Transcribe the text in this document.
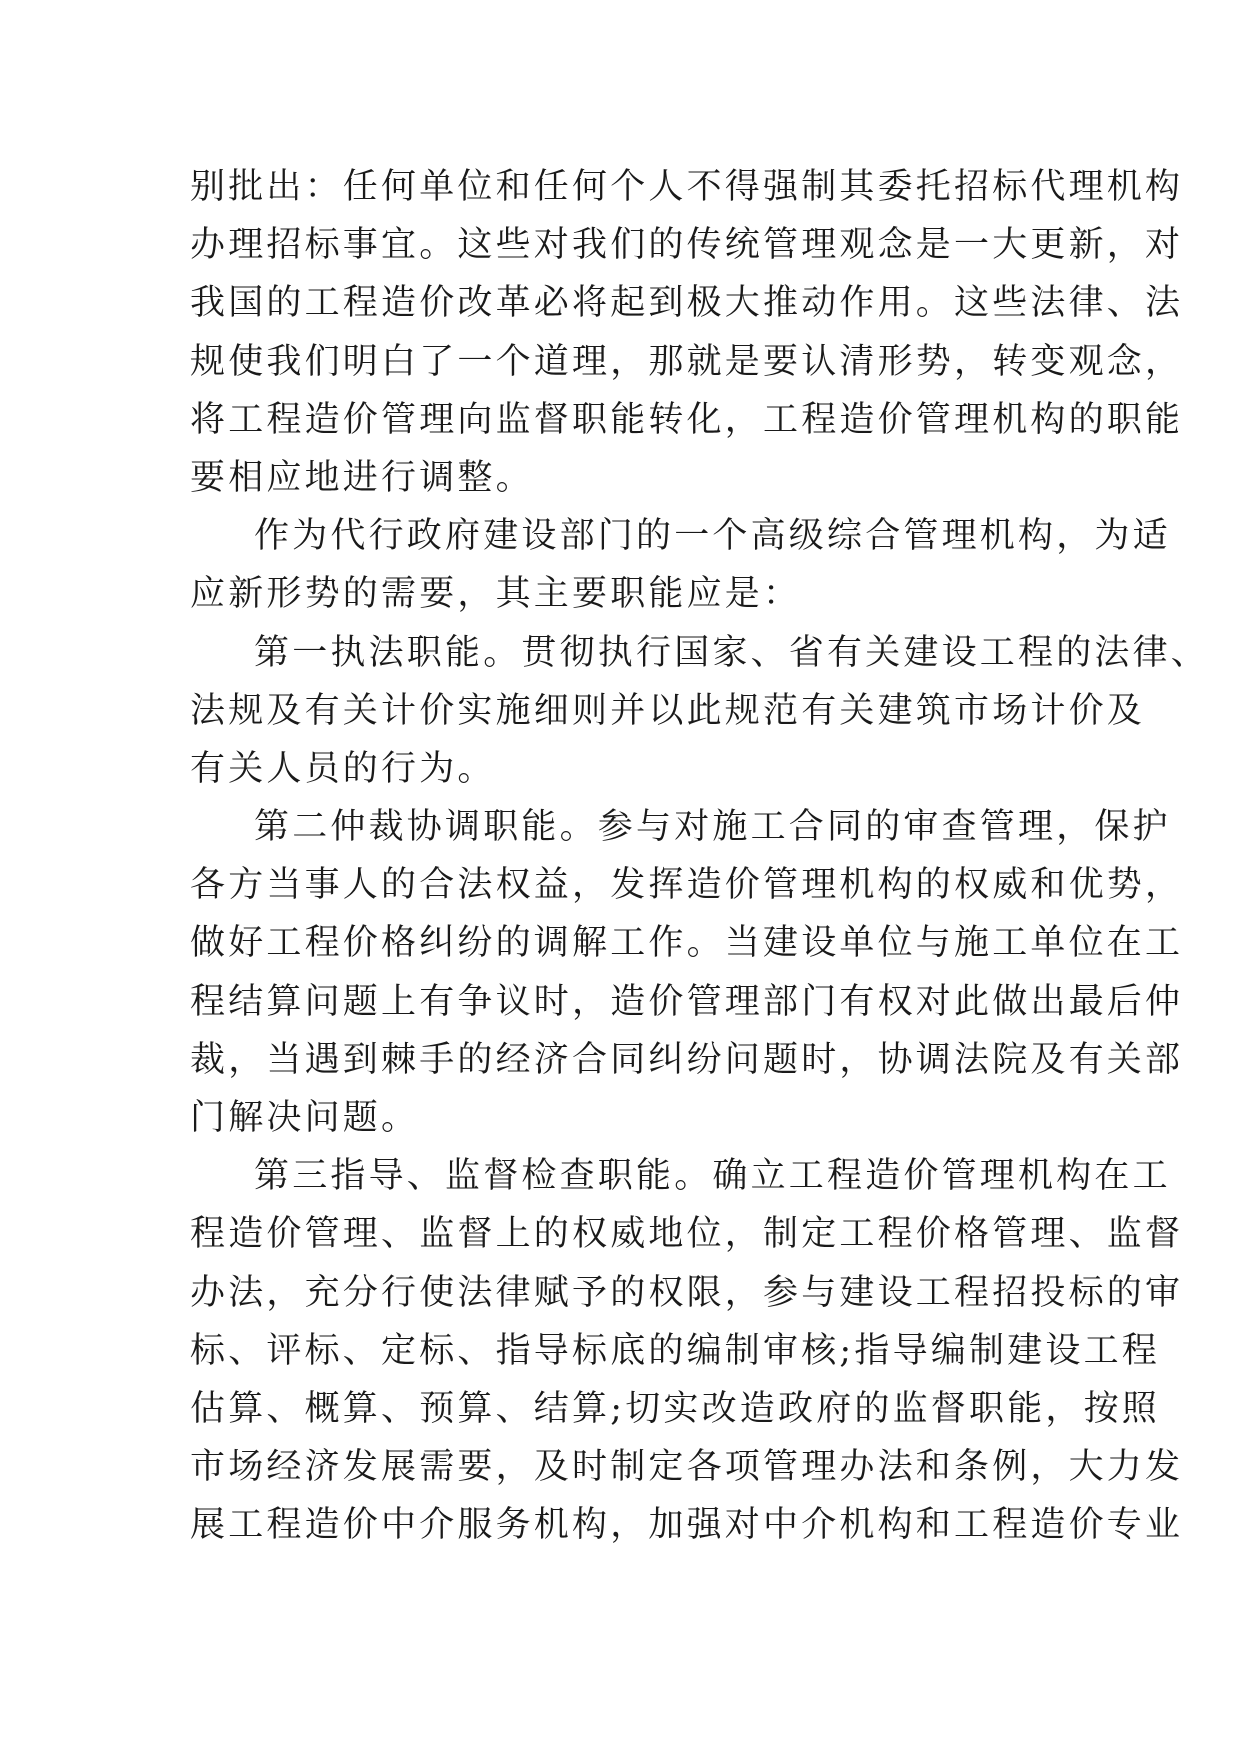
别批出：任何单位和任何个人不得强制其委托招标代理机构
办理招标事宜。这些对我们的传统管理观念是一大更新，对
我国的工程造价改革必将起到极大推动作用。这些法律、法
规使我们明白了一个道理，那就是要认清形势，转变观念，
将工程造价管理向监督职能转化，工程造价管理机构的职能
要相应地进行调整。
作为代行政府建设部门的一个高级综合管理机构，为适
应新形势的需要，其主要职能应是：
第一执法职能。贯彻执行国家、省有关建设工程的法律、
法规及有关计价实施细则并以此规范有关建筑市场计价及
有关人员的行为。
第二仲裁协调职能。参与对施工合同的审查管理，保护
各方当事人的合法权益，发挥造价管理机构的权威和优势，
做好工程价格纠纷的调解工作。当建设单位与施工单位在工
程结算问题上有争议时，造价管理部门有权对此做出最后仲
裁，当遇到棘手的经济合同纠纷问题时，协调法院及有关部
门解决问题。
第三指导、监督检查职能。确立工程造价管理机构在工
程造价管理、监督上的权威地位，制定工程价格管理、监督
办法，充分行使法律赋予的权限，参与建设工程招投标的审
标、评标、定标、指导标底的编制审核;指导编制建设工程
估算、概算、预算、结算;切实改造政府的监督职能，按照
市场经济发展需要，及时制定各项管理办法和条例，大力发
展工程造价中介服务机构，加强对中介机构和工程造价专业
